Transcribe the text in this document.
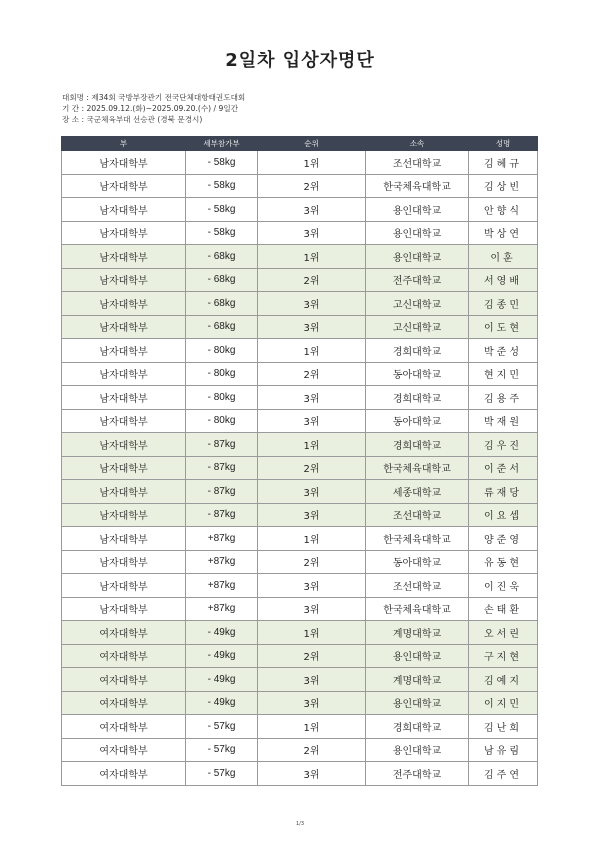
2일차 입상자명단
대회명 : 제34회 국방부장관기 전국단체대항태권도대회
기 간 : 2025.09.12.(화)~2025.09.20.(수) / 9일간
장 소 : 국군체육부대 선승관 (경북 문경시)
부	세부참가부	순위	소속	성명
남자대학부	- 58kg	1위	조선대학교	김혜규
남자대학부	- 58kg	2위	한국체육대학교	김상빈
남자대학부	- 58kg	3위	용인대학교	안향식
남자대학부	- 58kg	3위	용인대학교	박상연
남자대학부	- 68kg	1위	용인대학교	이훈
남자대학부	- 68kg	2위	전주대학교	서영배
남자대학부	- 68kg	3위	고신대학교	김종민
남자대학부	- 68kg	3위	고신대학교	이도현
남자대학부	- 80kg	1위	경희대학교	박준성
남자대학부	- 80kg	2위	동아대학교	현지민
남자대학부	- 80kg	3위	경희대학교	김용주
남자대학부	- 80kg	3위	동아대학교	박재원
남자대학부	- 87kg	1위	경희대학교	김우진
남자대학부	- 87kg	2위	한국체육대학교	이준서
남자대학부	- 87kg	3위	세종대학교	류재당
남자대학부	- 87kg	3위	조선대학교	이요셉
남자대학부	+87kg	1위	한국체육대학교	양준영
남자대학부	+87kg	2위	동아대학교	유동현
남자대학부	+87kg	3위	조선대학교	이진욱
남자대학부	+87kg	3위	한국체육대학교	손태환
여자대학부	- 49kg	1위	계명대학교	오서린
여자대학부	- 49kg	2위	용인대학교	구지현
여자대학부	- 49kg	3위	계명대학교	김예지
여자대학부	- 49kg	3위	용인대학교	이지민
여자대학부	- 57kg	1위	경희대학교	김난희
여자대학부	- 57kg	2위	용인대학교	남유림
여자대학부	- 57kg	3위	전주대학교	김주연
1/3
